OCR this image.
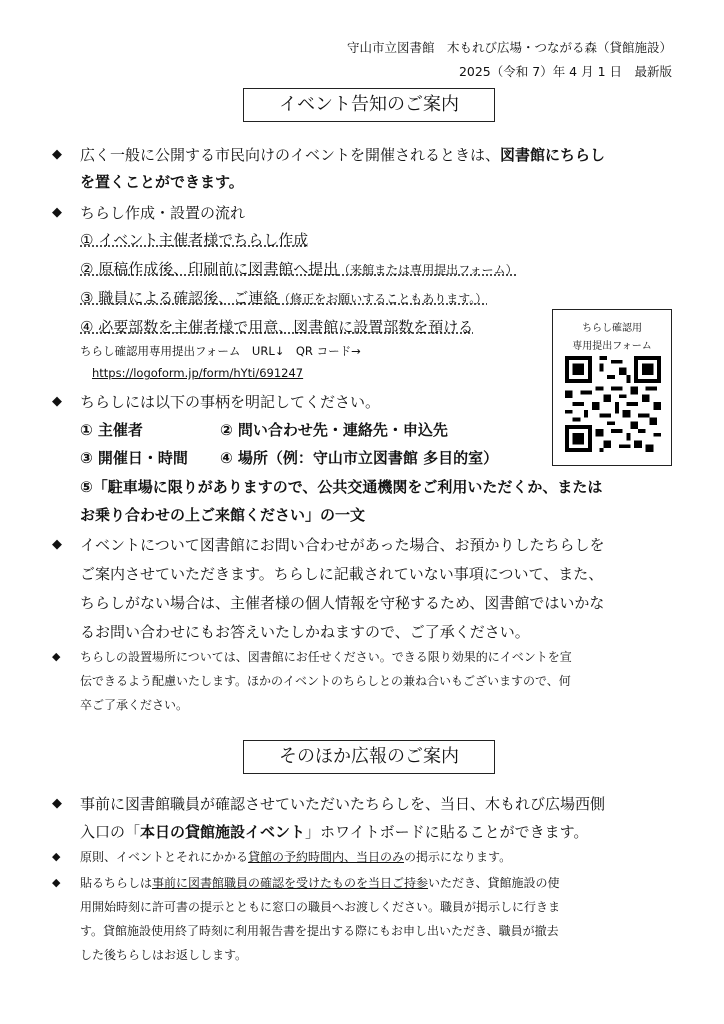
守山市立図書館　木もれび広場・つながる森（貸館施設）
2025（令和 7）年 4 月 1 日　最新版
イベント告知のご案内
◆ 広く一般に公開する市民向けのイベントを開催されるときは、図書館にちらし
を置くことができます。
◆ ちらし作成・設置の流れ
① イベント主催者様でちらし作成
② 原稿作成後、印刷前に図書館へ提出（来館または専用提出フォーム）
③ 職員による確認後、ご連絡（修正をお願いすることもあります。）
④ 必要部数を主催者様で用意、図書館に設置部数を預ける
ちらし確認用専用提出フォーム　URL↓　QR コード→
https://logoform.jp/form/hYti/691247
ちらし確認用
専用提出フォーム
◆ ちらしには以下の事柄を明記してください。
① 主催者	② 問い合わせ先・連絡先・申込先
③ 開催日・時間 ④ 場所（例：守山市立図書館 多目的室）
⑤「駐車場に限りがありますので、公共交通機関をご利用いただくか、または
お乗り合わせの上ご来館ください」の一文
◆ イベントについて図書館にお問い合わせがあった場合、お預かりしたちらしを
ご案内させていただきます。ちらしに記載されていない事項について、また、
ちらしがない場合は、主催者様の個人情報を守秘するため、図書館ではいかな
るお問い合わせにもお答えいたしかねますので、ご了承ください。
◆ ちらしの設置場所については、図書館にお任せください。できる限り効果的にイベントを宣
伝できるよう配慮いたします。ほかのイベントのちらしとの兼ね合いもございますので、何
卒ご了承ください。
そのほか広報のご案内
◆ 事前に図書館職員が確認させていただいたちらしを、当日、木もれび広場西側
入口の「本日の貸館施設イベント」ホワイトボードに貼ることができます。
◆ 原則、イベントとそれにかかる貸館の予約時間内、当日のみの掲示になります。
◆ 貼るちらしは事前に図書館職員の確認を受けたものを当日ご持参いただき、貸館施設の使
用開始時刻に許可書の提示とともに窓口の職員へお渡しください。職員が掲示しに行きま
す。貸館施設使用終了時刻に利用報告書を提出する際にもお申し出いただき、職員が撤去
した後ちらしはお返しします。
